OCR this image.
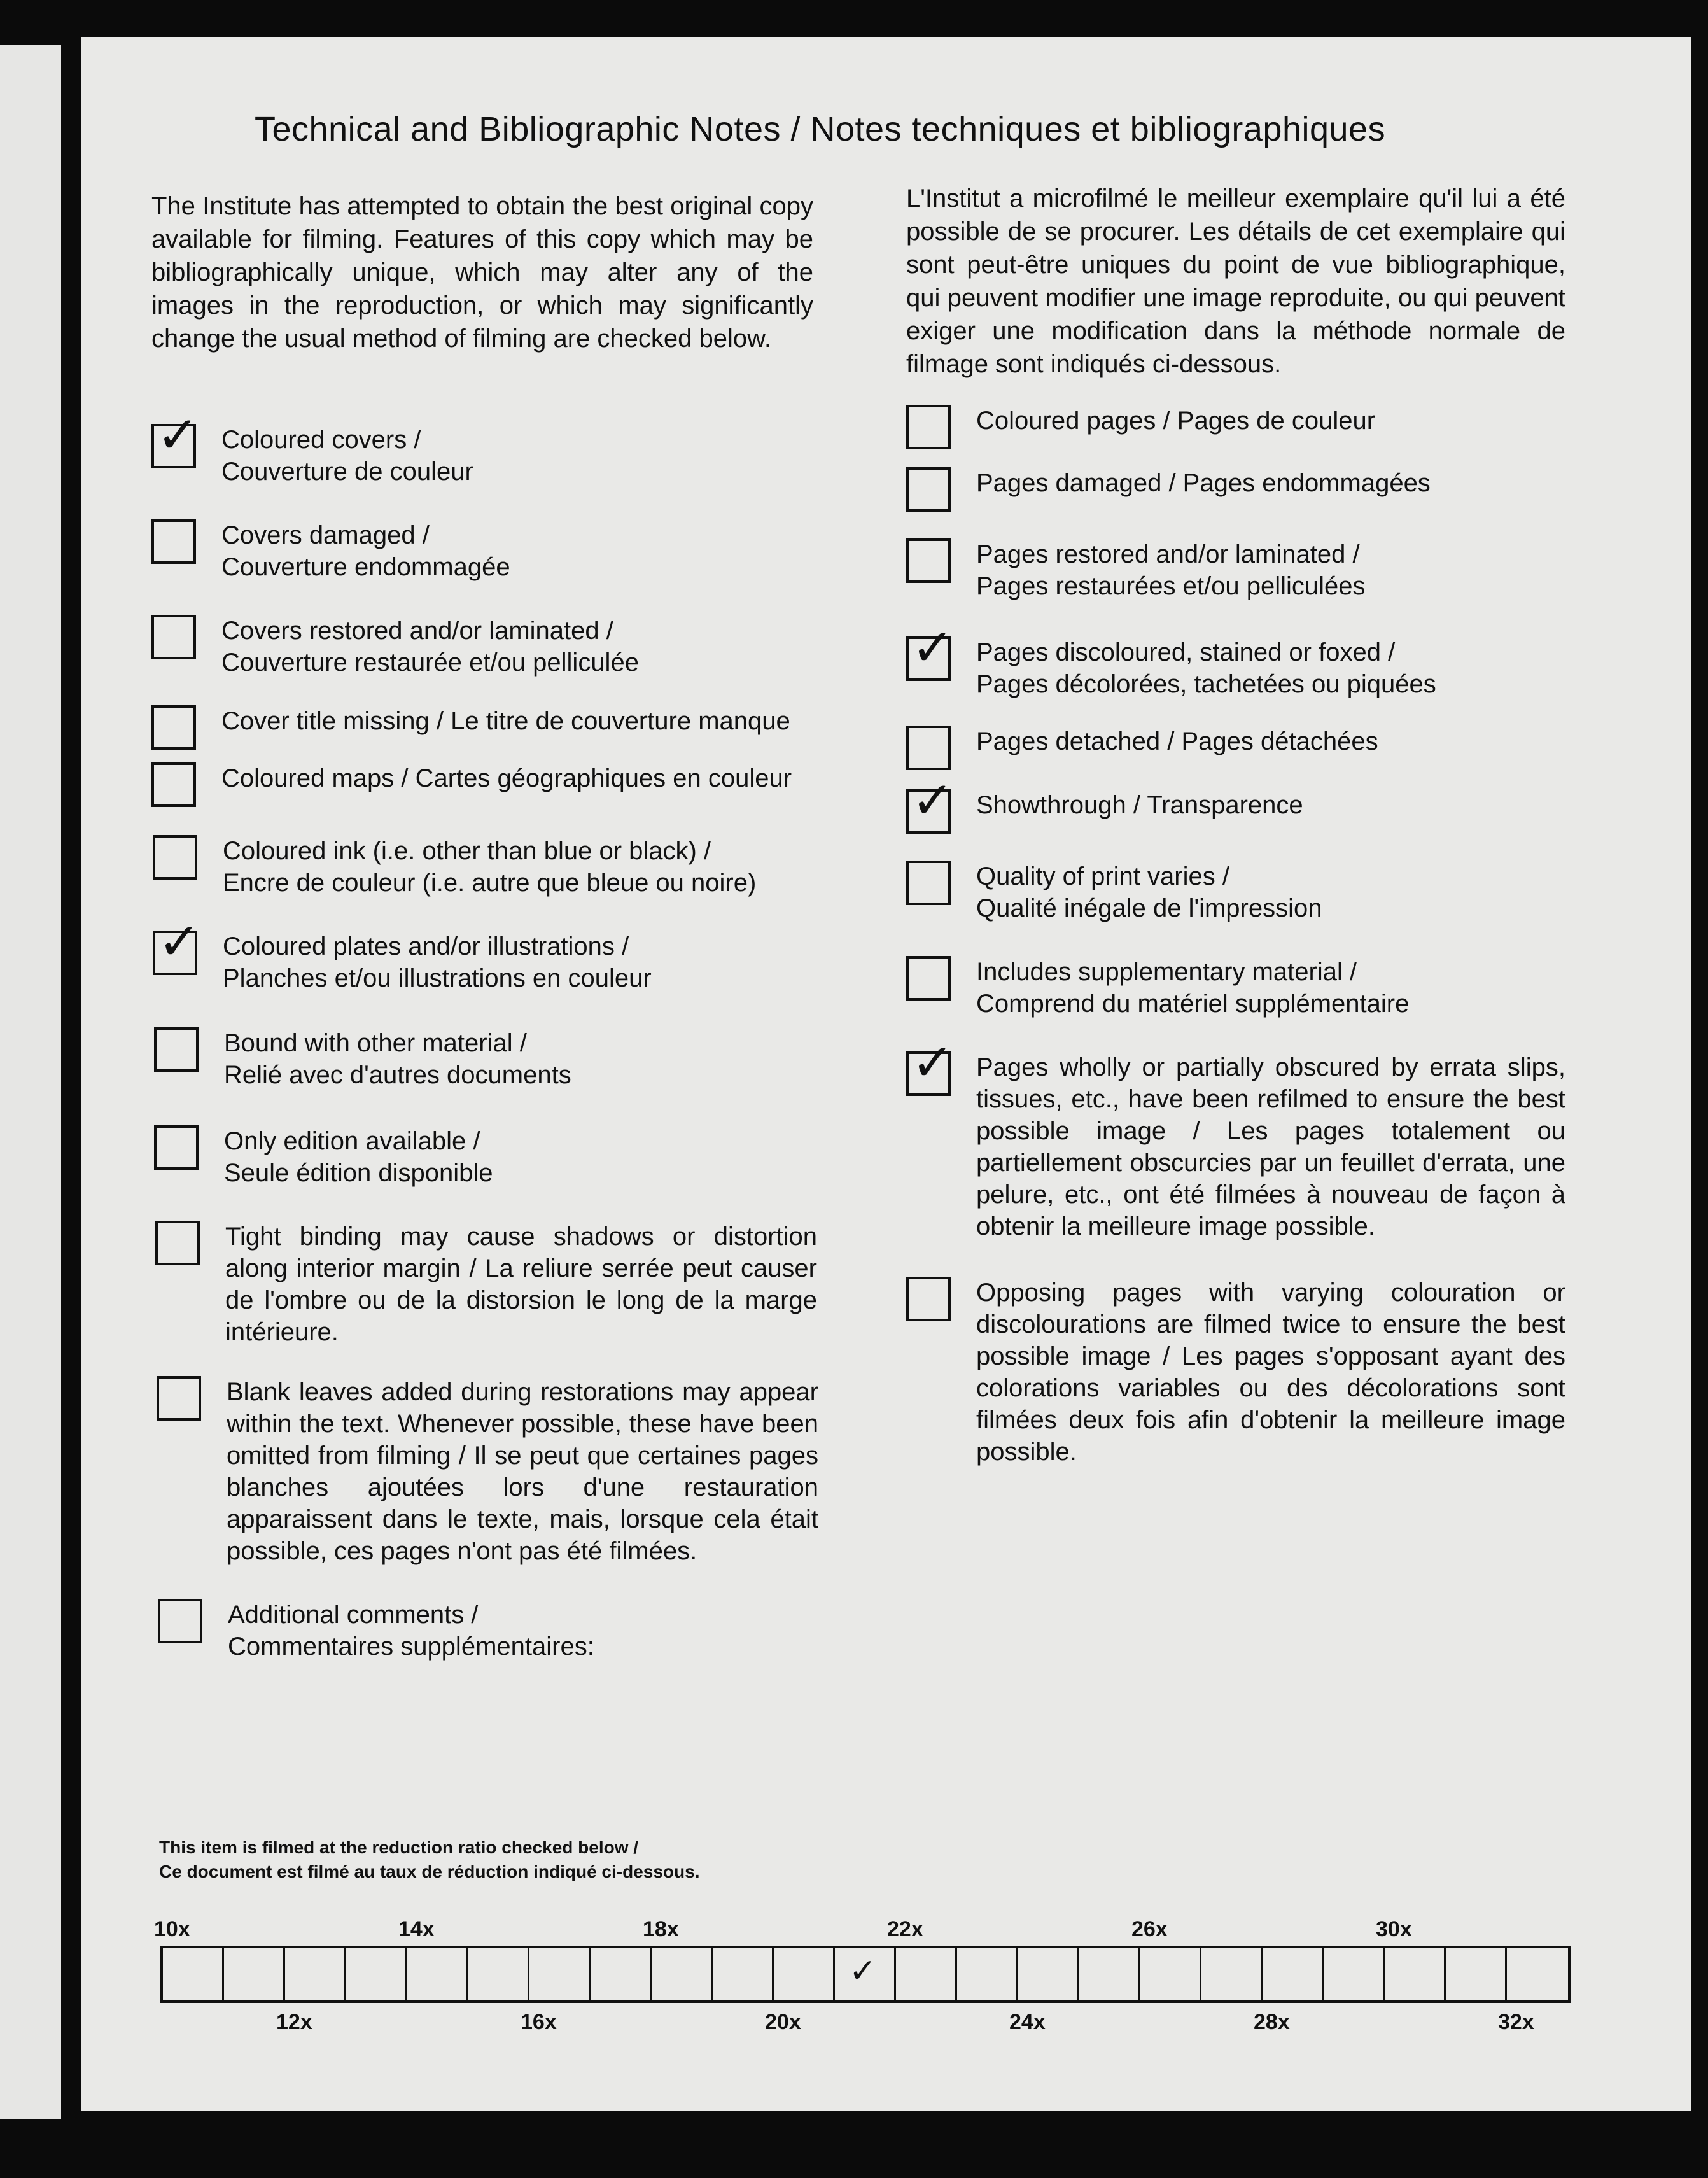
Technical and Bibliographic Notes / Notes techniques et bibliographiques
The Institute has attempted to obtain the best original copy available for filming. Features of this copy which may be bibliographically unique, which may alter any of the images in the reproduction, or which may significantly change the usual method of filming are checked below.
L'Institut a microfilmé le meilleur exemplaire qu'il lui a été possible de se procurer. Les détails de cet exemplaire qui sont peut-être uniques du point de vue bibliographique, qui peuvent modifier une image reproduite, ou qui peuvent exiger une modification dans la méthode normale de filmage sont indiqués ci-dessous.
✓ Coloured covers /
Couverture de couleur
Covers damaged /
Couverture endommagée
Covers restored and/or laminated /
Couverture restaurée et/ou pelliculée
Cover title missing / Le titre de couverture manque
Coloured maps / Cartes géographiques en couleur
Coloured ink (i.e. other than blue or black) /
Encre de couleur (i.e. autre que bleue ou noire)
✓ Coloured plates and/or illustrations /
Planches et/ou illustrations en couleur
Bound with other material /
Relié avec d'autres documents
Only edition available /
Seule édition disponible
Tight binding may cause shadows or distortion along interior margin / La reliure serrée peut causer de l'ombre ou de la distorsion le long de la marge intérieure.
Blank leaves added during restorations may appear within the text. Whenever possible, these have been omitted from filming / Il se peut que certaines pages blanches ajoutées lors d'une restauration apparaissent dans le texte, mais, lorsque cela était possible, ces pages n'ont pas été filmées.
Additional comments /
Commentaires supplémentaires:
Coloured pages / Pages de couleur
Pages damaged / Pages endommagées
Pages restored and/or laminated /
Pages restaurées et/ou pelliculées
✓ Pages discoloured, stained or foxed /
Pages décolorées, tachetées ou piquées
Pages detached / Pages détachées
✓ Showthrough / Transparence
Quality of print varies /
Qualité inégale de l'impression
Includes supplementary material /
Comprend du matériel supplémentaire
✓ Pages wholly or partially obscured by errata slips, tissues, etc., have been refilmed to ensure the best possible image / Les pages totalement ou partiellement obscurcies par un feuillet d'errata, une pelure, etc., ont été filmées à nouveau de façon à obtenir la meilleure image possible.
Opposing pages with varying colouration or discolourations are filmed twice to ensure the best possible image / Les pages s'opposant ayant des colorations variables ou des décolorations sont filmées deux fois afin d'obtenir la meilleure image possible.
This item is filmed at the reduction ratio checked below /
Ce document est filmé au taux de réduction indiqué ci-dessous.
✓
10x	14x	18x	22x	26x	30x
12x	16x	20x	24x	28x	32x
